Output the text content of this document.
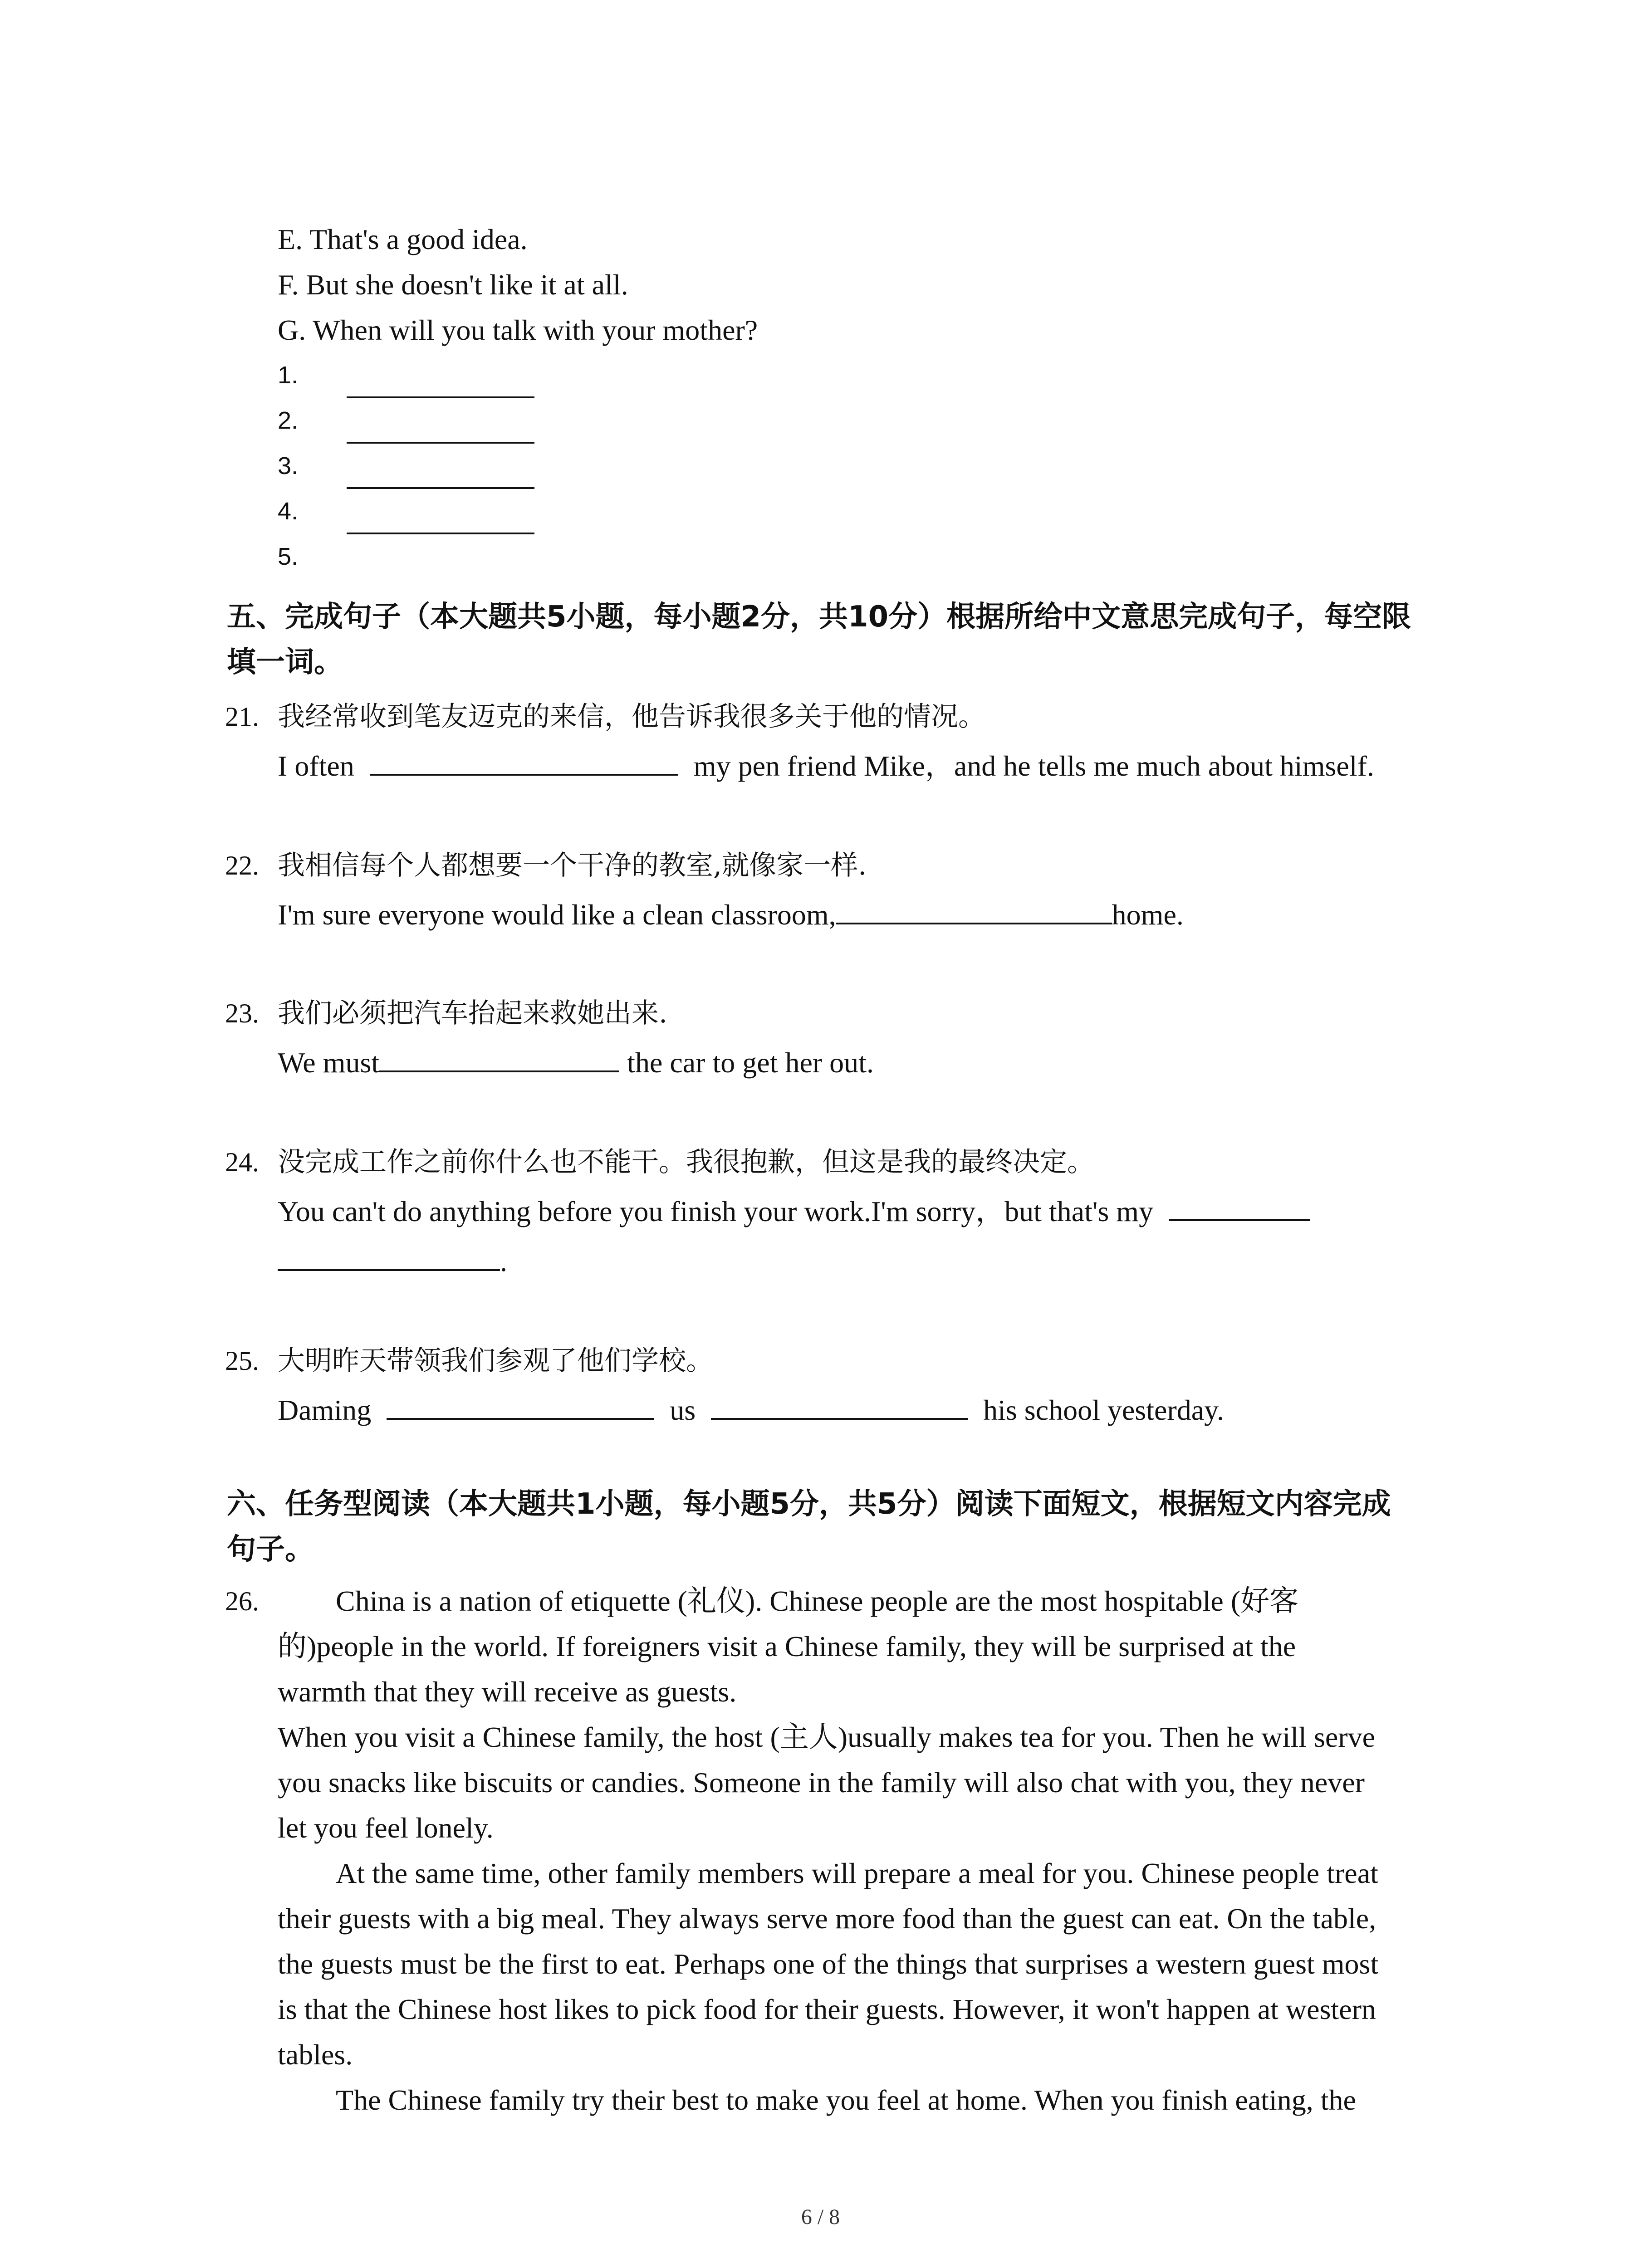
E. That's a good idea.
F. But she doesn't like it at all.
G. When will you talk with your mother?
1.
2.
3.
4.
5.
五、完成句子（本大题共5小题，每小题2分，共10分）根据所给中文意思完成句子，每空限
填一词。
21. 我经常收到笔友迈克的来信，他告诉我很多关于他的情况。
I often	my pen friend Mike，and he tells me much about himself.
22. 我相信每个人都想要一个干净的教室,就像家一样.
I'm sure everyone would like a clean classroom,	home.
23. 我们必须把汽车抬起来救她出来.
We must	the car to get her out.
24. 没完成工作之前你什么也不能干。我很抱歉，但这是我的最终决定。
You can't do anything before you finish your work.I'm sorry，but that's my
.
25. 大明昨天带领我们参观了他们学校。
Daming	us	his school yesterday.
六、任务型阅读（本大题共1小题，每小题5分，共5分）阅读下面短文，根据短文内容完成
句子。
26.	China is a nation of etiquette (礼仪). Chinese people are the most hospitable (好客
的)people in the world. If foreigners visit a Chinese family, they will be surprised at the
warmth that they will receive as guests.
When you visit a Chinese family, the host (主人)usually makes tea for you. Then he will serve
you snacks like biscuits or candies. Someone in the family will also chat with you, they never
let you feel lonely.
At the same time, other family members will prepare a meal for you. Chinese people treat
their guests with a big meal. They always serve more food than the guest can eat. On the table,
the guests must be the first to eat. Perhaps one of the things that surprises a western guest most
is that the Chinese host likes to pick food for their guests. However, it won't happen at western
tables.
The Chinese family try their best to make you feel at home. When you finish eating, the
6 / 8
